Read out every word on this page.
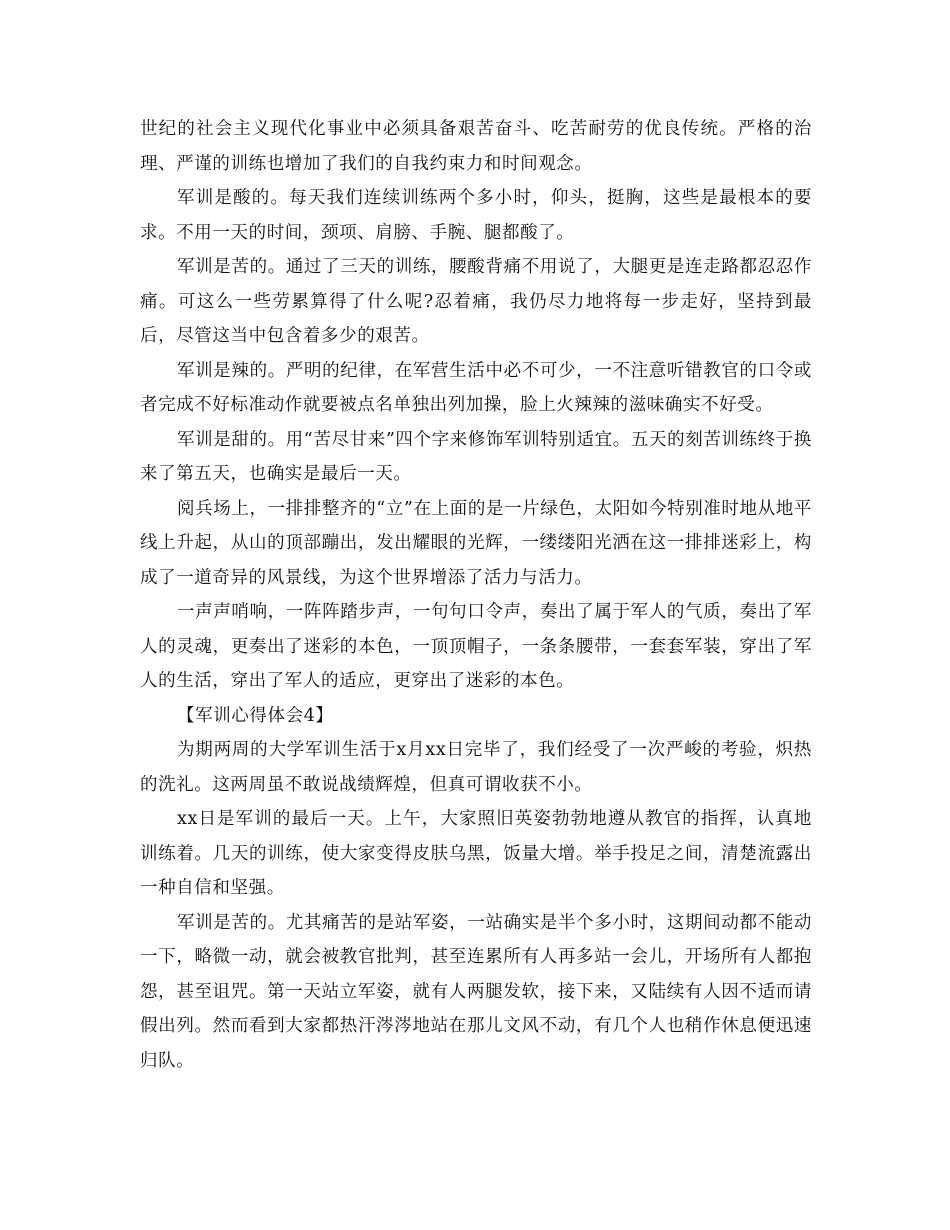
世纪的社会主义现代化事业中必须具备艰苦奋斗、吃苦耐劳的优良传统。严格的治理、严谨的训练也增加了我们的自我约束力和时间观念。

军训是酸的。每天我们连续训练两个多小时，仰头，挺胸，这些是最根本的要求。不用一天的时间，颈项、肩膀、手腕、腿都酸了。

军训是苦的。通过了三天的训练，腰酸背痛不用说了，大腿更是连走路都忍忍作痛。可这么一些劳累算得了什么呢?忍着痛，我仍尽力地将每一步走好，坚持到最后，尽管这当中包含着多少的艰苦。

军训是辣的。严明的纪律，在军营生活中必不可少，一不注意听错教官的口令或者完成不好标准动作就要被点名单独出列加操，脸上火辣辣的滋味确实不好受。

军训是甜的。用“苦尽甘来”四个字来修饰军训特别适宜。五天的刻苦训练终于换来了第五天，也确实是最后一天。

阅兵场上，一排排整齐的“立”在上面的是一片绿色，太阳如今特别准时地从地平线上升起，从山的顶部蹦出，发出耀眼的光辉，一缕缕阳光洒在这一排排迷彩上，构成了一道奇异的风景线，为这个世界增添了活力与活力。

一声声哨响，一阵阵踏步声，一句句口令声，奏出了属于军人的气质，奏出了军人的灵魂，更奏出了迷彩的本色，一顶顶帽子，一条条腰带，一套套军装，穿出了军人的生活，穿出了军人的适应，更穿出了迷彩的本色。

【军训心得体会4】

为期两周的大学军训生活于x月xx日完毕了，我们经受了一次严峻的考验，炽热的洗礼。这两周虽不敢说战绩辉煌，但真可谓收获不小。

xx日是军训的最后一天。上午，大家照旧英姿勃勃地遵从教官的指挥，认真地训练着。几天的训练，使大家变得皮肤乌黑，饭量大增。举手投足之间，清楚流露出一种自信和坚强。

军训是苦的。尤其痛苦的是站军姿，一站确实是半个多小时，这期间动都不能动一下，略微一动，就会被教官批判，甚至连累所有人再多站一会儿，开场所有人都抱怨，甚至诅咒。第一天站立军姿，就有人两腿发软，接下来，又陆续有人因不适而请假出列。然而看到大家都热汗涔涔地站在那儿文风不动，有几个人也稍作休息便迅速归队。
